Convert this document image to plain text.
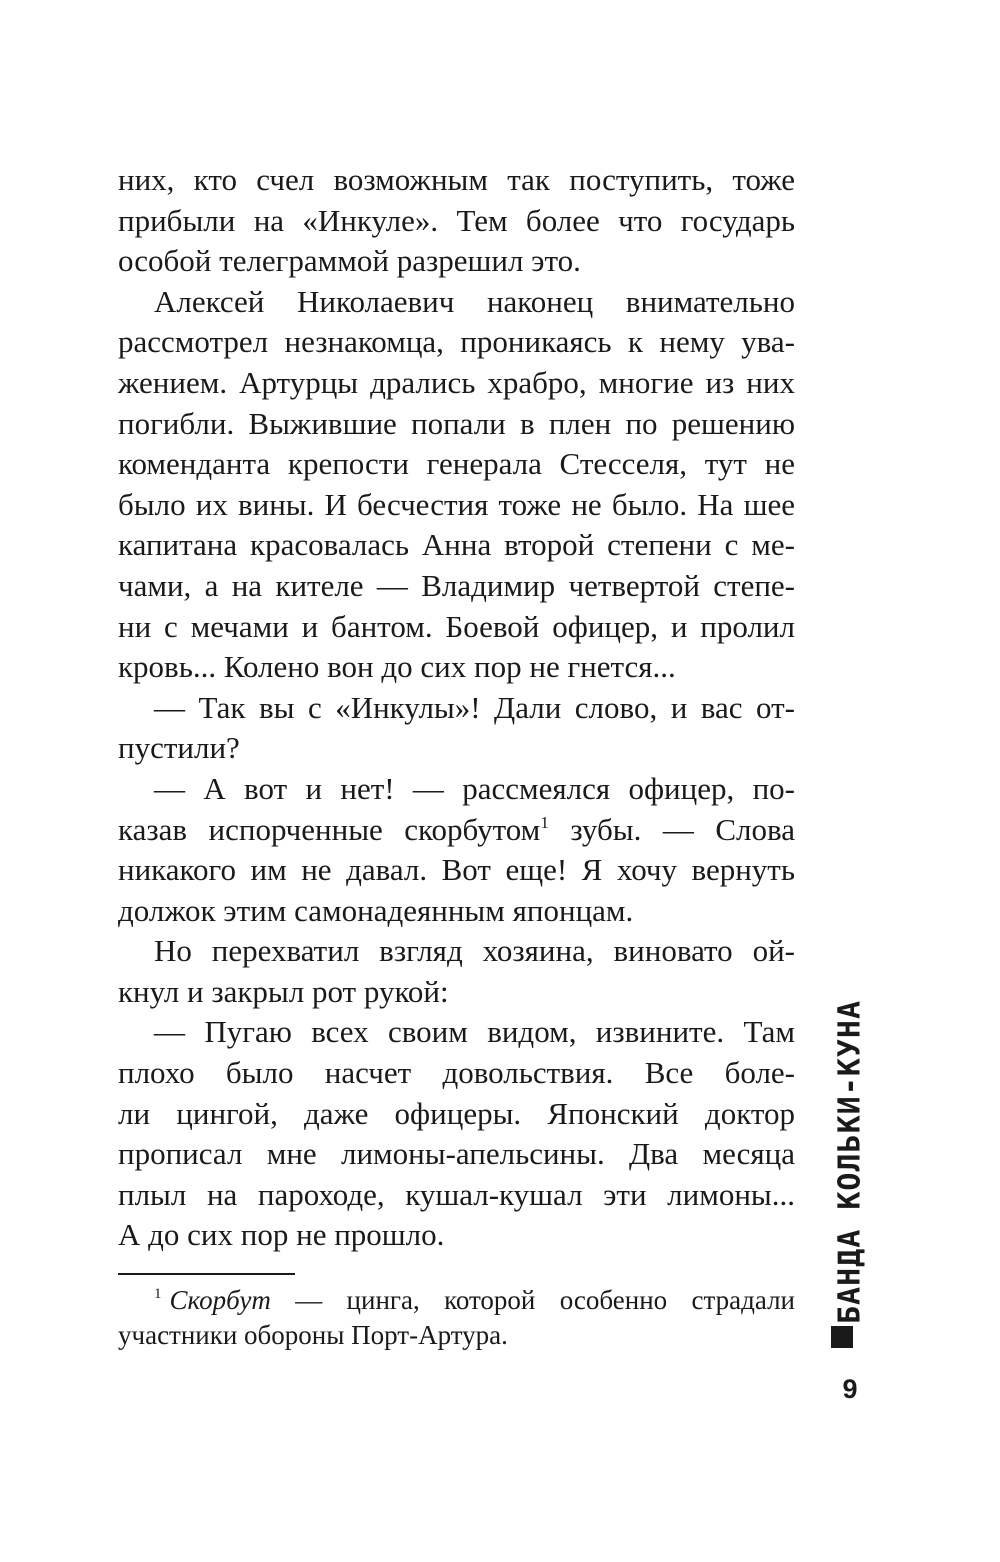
них, кто счел возможным так поступить, тоже
прибыли на «Инкуле». Тем более что государь
особой телеграммой разрешил это.
Алексей Николаевич наконец внимательно
рассмотрел незнакомца, проникаясь к нему ува-
жением. Артурцы дрались храбро, многие из них
погибли. Выжившие попали в плен по решению
коменданта крепости генерала Стесселя, тут не
было их вины. И бесчестия тоже не было. На шее
капитана красовалась Анна второй степени с ме-
чами, а на кителе — Владимир четвертой степе-
ни с мечами и бантом. Боевой офицер, и пролил
кровь... Колено вон до сих пор не гнется...
— Так вы с «Инкулы»! Дали слово, и вас от-
пустили?
— А вот и нет! — рассмеялся офицер, по-
казав испорченные скорбутом$^1$ зубы. — Слова
никакого им не давал. Вот еще! Я хочу вернуть
должок этим самонадеянным японцам.
Но перехватил взгляд хозяина, виновато ой-
кнул и закрыл рот рукой:
— Пугаю всех своим видом, извините. Там
плохо было насчет довольствия. Все боле-
ли цингой, даже офицеры. Японский доктор
прописал мне лимоны-апельсины. Два месяца
плыл на пароходе, кушал-кушал эти лимоны...
А до сих пор не прошло.
$^1$ Скорбут — цинга, которой особенно страдали
участники обороны Порт-Артура.
БАНДА КОЛЬКИ-КУНА
9
